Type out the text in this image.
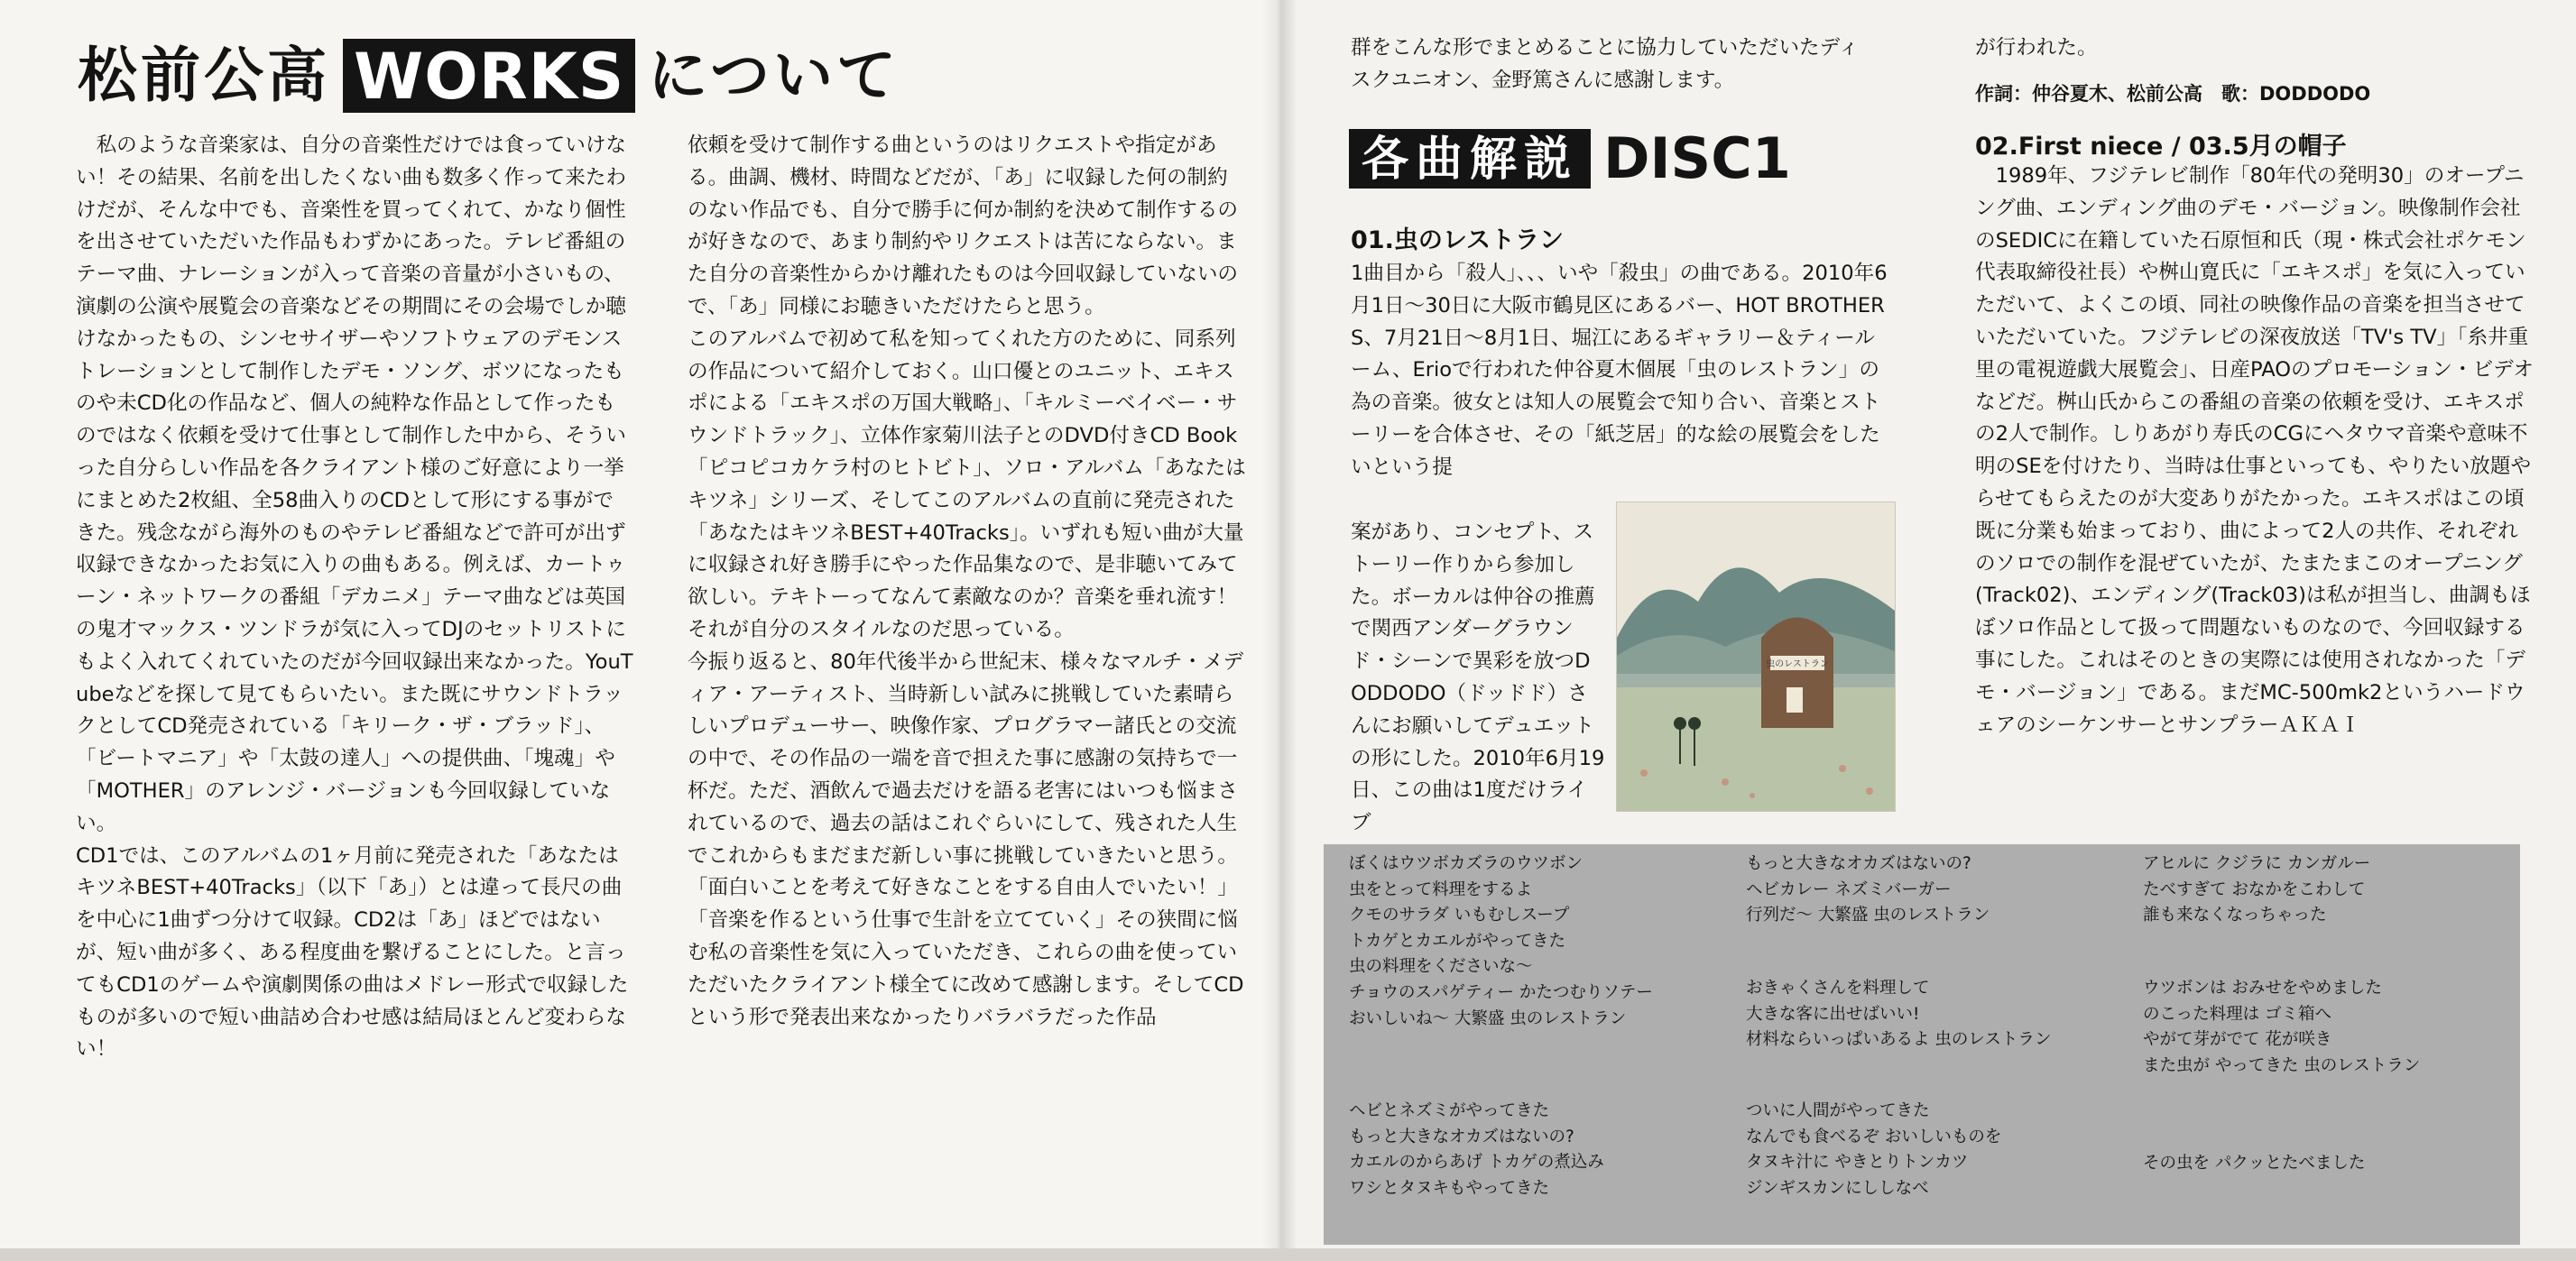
松前公高 WORKS について

私のような音楽家は、自分の音楽性だけでは食っていけない！その結果、名前を出したくない曲も数多く作って来たわけだが、そんな中でも、音楽性を買ってくれて、かなり個性を出させていただいた作品もわずかにあった。テレビ番組のテーマ曲、ナレーションが入って音楽の音量が小さいもの、演劇の公演や展覧会の音楽などその期間にその会場でしか聴けなかったもの、シンセサイザーやソフトウェアのデモンストレーションとして制作したデモ・ソング、ボツになったものや未CD化の作品など、個人の純粋な作品として作ったものではなく依頼を受けて仕事として制作した中から、そういった自分らしい作品を各クライアント様のご好意により一挙にまとめた2枚組、全58曲入りのCDとして形にする事ができた。残念ながら海外のものやテレビ番組などで許可が出ず収録できなかったお気に入りの曲もある。例えば、カートゥーン・ネットワークの番組「デカニメ」テーマ曲などは英国の鬼才マックス・ツンドラが気に入ってDJのセットリストにもよく入れてくれていたのだが今回収録出来なかった。YouTubeなどを探して見てもらいたい。また既にサウンドトラックとしてCD発売されている「キリーク・ザ・ブラッド」、「ビートマニア」や「太鼓の達人」への提供曲、「塊魂」や「MOTHER」のアレンジ・バージョンも今回収録していない。

CD1では、このアルバムの1ヶ月前に発売された「あなたはキツネBEST+40Tracks」（以下「あ」）とは違って長尺の曲を中心に1曲ずつ分けて収録。CD2は「あ」ほどではないが、短い曲が多く、ある程度曲を繋げることにした。と言ってもCD1のゲームや演劇関係の曲はメドレー形式で収録したものが多いので短い曲詰め合わせ感は結局ほとんど変わらない！

依頼を受けて制作する曲というのはリクエストや指定がある。曲調、機材、時間などだが、「あ」に収録した何の制約のない作品でも、自分で勝手に何か制約を決めて制作するのが好きなので、あまり制約やリクエストは苦にならない。また自分の音楽性からかけ離れたものは今回収録していないので、「あ」同様にお聴きいただけたらと思う。

このアルバムで初めて私を知ってくれた方のために、同系列の作品について紹介しておく。山口優とのユニット、エキスポによる「エキスポの万国大戦略」、「キルミーベイベー・サウンドトラック」、立体作家菊川法子とのDVD付きCD Book「ピコピコカケラ村のヒトビト」、ソロ・アルバム「あなたはキツネ」シリーズ、そしてこのアルバムの直前に発売された「あなたはキツネBEST+40Tracks」。いずれも短い曲が大量に収録され好き勝手にやった作品集なので、是非聴いてみて欲しい。テキトーってなんて素敵なのか？音楽を垂れ流す！それが自分のスタイルなのだ思っている。

今振り返ると、80年代後半から世紀末、様々なマルチ・メディア・アーティスト、当時新しい試みに挑戦していた素晴らしいプロデューサー、映像作家、プログラマー諸氏との交流の中で、その作品の一端を音で担えた事に感謝の気持ちで一杯だ。ただ、酒飲んで過去だけを語る老害にはいつも悩まされているので、過去の話はこれぐらいにして、残された人生でこれからもまだまだ新しい事に挑戦していきたいと思う。

「面白いことを考えて好きなことをする自由人でいたい！」「音楽を作るという仕事で生計を立てていく」その狭間に悩む私の音楽性を気に入っていただき、これらの曲を使っていただいたクライアント様全てに改めて感謝します。そしてCDという形で発表出来なかったりバラバラだった作品

群をこんな形でまとめることに協力していただいたディスクユニオン、金野篤さんに感謝します。

各曲解説 DISC1
01.虫のレストラン

1曲目から「殺人」、、、いや「殺虫」の曲である。2010年6月1日〜30日に大阪市鶴見区にあるバー、HOT BROTHERS、7月21日〜8月1日、堀江にあるギャラリー＆ティールーム、Erioで行われた仲谷夏木個展「虫のレストラン」の為の音楽。彼女とは知人の展覧会で知り合い、音楽とストーリーを合体させ、その「紙芝居」的な絵の展覧会をしたいという提

案があり、コンセプト、ストーリー作りから参加した。ボーカルは仲谷の推薦で関西アンダーグラウンド・シーンで異彩を放つDODDODO（ドッドド）さんにお願いしてデュエットの形にした。2010年6月19日、この曲は1度だけライブ

虫のレストラン

が行われた。

作詞：仲谷夏木、松前公高　歌：DODDODO
02.First niece / 03.5月の帽子

1989年、フジテレビ制作「80年代の発明30」のオープニング曲、エンディング曲のデモ・バージョン。映像制作会社のSEDICに在籍していた石原恒和氏（現・株式会社ポケモン代表取締役社長）や桝山寛氏に「エキスポ」を気に入っていただいて、よくこの頃、同社の映像作品の音楽を担当させていただいていた。フジテレビの深夜放送「TV's TV」「糸井重里の電視遊戯大展覧会」、日産PAOのプロモーション・ビデオなどだ。桝山氏からこの番組の音楽の依頼を受け、エキスポの2人で制作。しりあがり寿氏のCGにヘタウマ音楽や意味不明のSEを付けたり、当時は仕事といっても、やりたい放題やらせてもらえたのが大変ありがたかった。エキスポはこの頃既に分業も始まっており、曲によって2人の共作、それぞれのソロでの制作を混ぜていたが、たまたまこのオープニング(Track02)、エンディング(Track03)は私が担当し、曲調もほぼソロ作品として扱って問題ないものなので、今回収録する事にした。これはそのときの実際には使用されなかった「デモ・バージョン」である。まだMC-500mk2というハードウェアのシーケンサーとサンプラーＡＫＡＩ

ぼくはウツボカズラのウツボン
虫をとって料理をするよ
クモのサラダ いもむしスープ
トカゲとカエルがやってきた
虫の料理をくださいな〜
チョウのスパゲティー かたつむりソテー
おいしいね〜 大繁盛 虫のレストラン
ヘビとネズミがやってきた
もっと大きなオカズはないの?
カエルのからあげ トカゲの煮込み
ワシとタヌキもやってきた
もっと大きなオカズはないの?
ヘビカレー ネズミバーガー
行列だ〜 大繁盛 虫のレストラン
おきゃくさんを料理して
大きな客に出せばいい!
材料ならいっぱいあるよ 虫のレストラン
ついに人間がやってきた
なんでも食べるぞ おいしいものを
タヌキ汁に やきとりトンカツ
ジンギスカンにししなべ
アヒルに クジラに カンガルー
たべすぎて おなかをこわして
誰も来なくなっちゃった
ウツボンは おみせをやめました
のこった料理は ゴミ箱へ
やがて芽がでて 花が咲き
また虫が やってきた 虫のレストラン
その虫を パクッとたべました
